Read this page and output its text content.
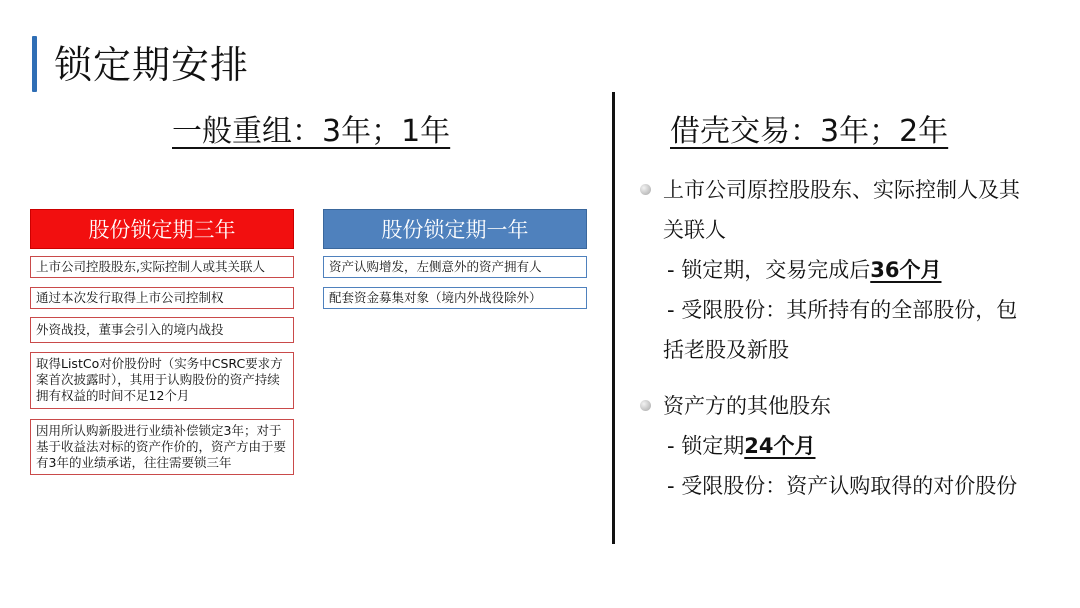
锁定期安排
一般重组：3年；1年	借壳交易：3年；2年
股份锁定期三年
上市公司控股股东,实际控制人或其关联人
通过本次发行取得上市公司控制权
外资战投，董事会引入的境内战投
取得ListCo对价股份时（实务中CSRC要求方案首次披露时），其用于认购股份的资产持续拥有权益的时间不足12个月
因用所认购新股进行业绩补偿锁定3年；对于基于收益法对标的资产作价的，资产方由于要有3年的业绩承诺，往往需要锁三年
股份锁定期一年
资产认购增发，左侧意外的资产拥有人
配套资金募集对象（境内外战役除外）
上市公司原控股股东、实际控制人及其
关联人
- 锁定期，交易完成后36个月
- 受限股份：其所持有的全部股份，包
括老股及新股
资产方的其他股东
- 锁定期24个月
- 受限股份：资产认购取得的对价股份
